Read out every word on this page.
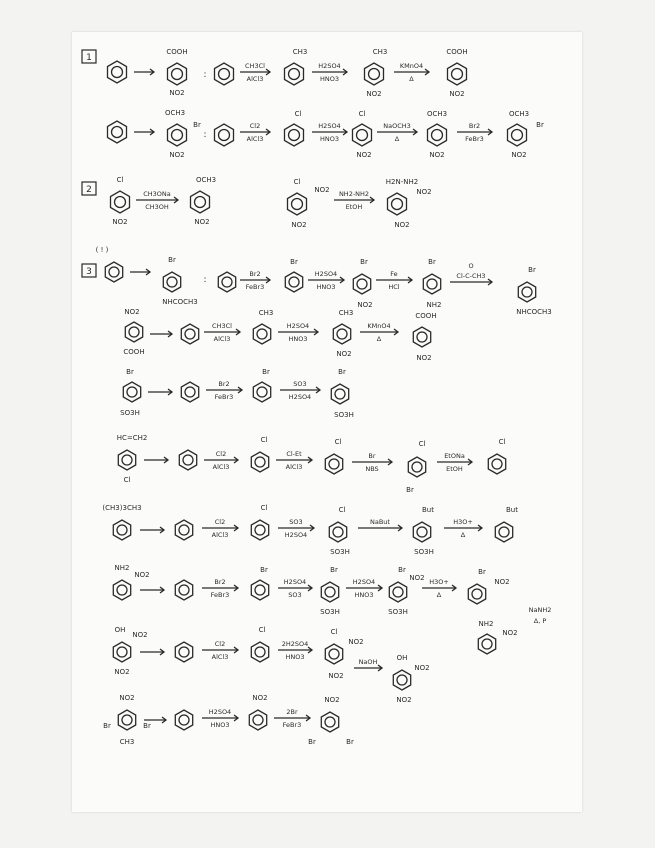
1
COOH
NO2
:
CH3Cl
AlCl3
CH3
H2SO4
HNO3
CH3
NO2
KMnO4
Δ
COOH
NO2
OCH3
Br
NO2
:
Cl2
AlCl3
Cl
H2SO4
HNO3
Cl
NO2
NaOCH3
Δ
OCH3
NO2
Br2
FeBr3
OCH3
Br
NO2
2
Cl
NO2
CH3ONa
CH3OH
OCH3
NO2
Cl
NO2
NO2
NH2-NH2
EtOH
H2N-NH2
NO2
NO2
( ! )
3
Br
NHCOCH3
:
Br2
FeBr3
Br
H2SO4
HNO3
Br
NO2
Fe
HCl
Br
NH2
Cl-C-CH3
O	Br
NHCOCH3
NO2
COOH
CH3Cl
AlCl3
CH3
H2SO4
HNO3
CH3
NO2
KMnO4
Δ
COOH
NO2
Br
SO3H
Br2
FeBr3
Br
SO3
H2SO4
Br
SO3H
HC=CH2
Cl
Cl2
AlCl3
Cl
Cl-Et
AlCl3
Cl
Br
NBS
Cl
Br
EtONa
EtOH
Cl
(CH3)3CH3
Cl2
AlCl3
Cl
SO3
H2SO4
Cl
SO3H
NaBut
But
SO3H
H3O+
Δ
But
NH2
NO2
Br2
FeBr3
Br
H2SO4
SO3
Br
SO3H
H2SO4
HNO3
Br
NO2
SO3H
H3O+
Δ
Br
NO2
NaNH2
Δ, P
NH2
NO2
OH
NO2
NO2
Cl2
AlCl3
Cl
2H2SO4
HNO3
Cl
NO2
NO2
NaOH	OH
NO2
NO2
NO2
Br	Br
CH3
H2SO4
HNO3
NO2
2Br
FeBr3
NO2
Br	Br
